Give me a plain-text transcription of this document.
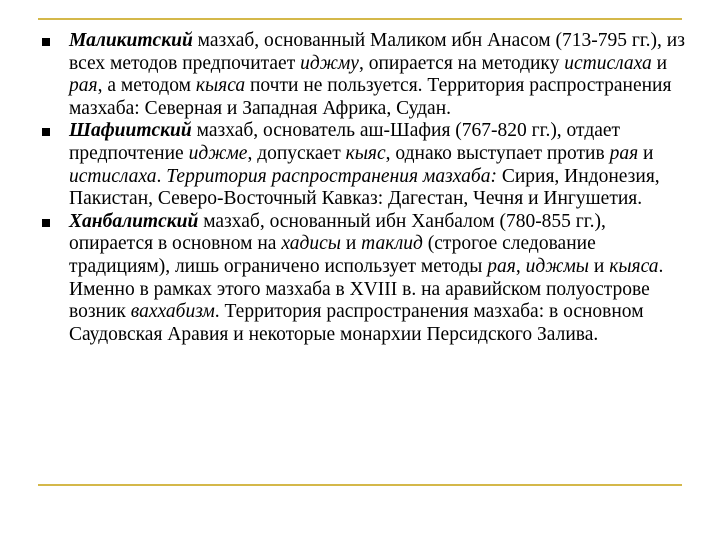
Маликитский мазхаб, основанный Маликом ибн Анасом (713-795 гг.), из всех методов предпочитает иджму, опирается на методику истислаха и рая, а методом кыяса почти не пользуется. Территория распространения мазхаба: Северная и Западная Африка, Судан.
Шафиитский мазхаб, основатель аш-Шафия (767-820 гг.), отдает предпочтение иджме, допускает кыяс, однако выступает против рая и истислаха. Территория распространения мазхаба: Сирия, Индонезия, Пакистан, Северо-Восточный Кавказ: Дагестан, Чечня и Ингушетия.
Ханбалитский мазхаб, основанный ибн Ханбалом (780-855 гг.), опирается в основном на хадисы и таклид (строгое следование традициям), лишь ограничено использует методы рая, иджмы и кыяса. Именно в рамках этого мазхаба в XVIII в. на аравийском полуострове возник ваххабизм. Территория распространения мазхаба: в основном Саудовская Аравия и некоторые монархии Персидского Залива.
